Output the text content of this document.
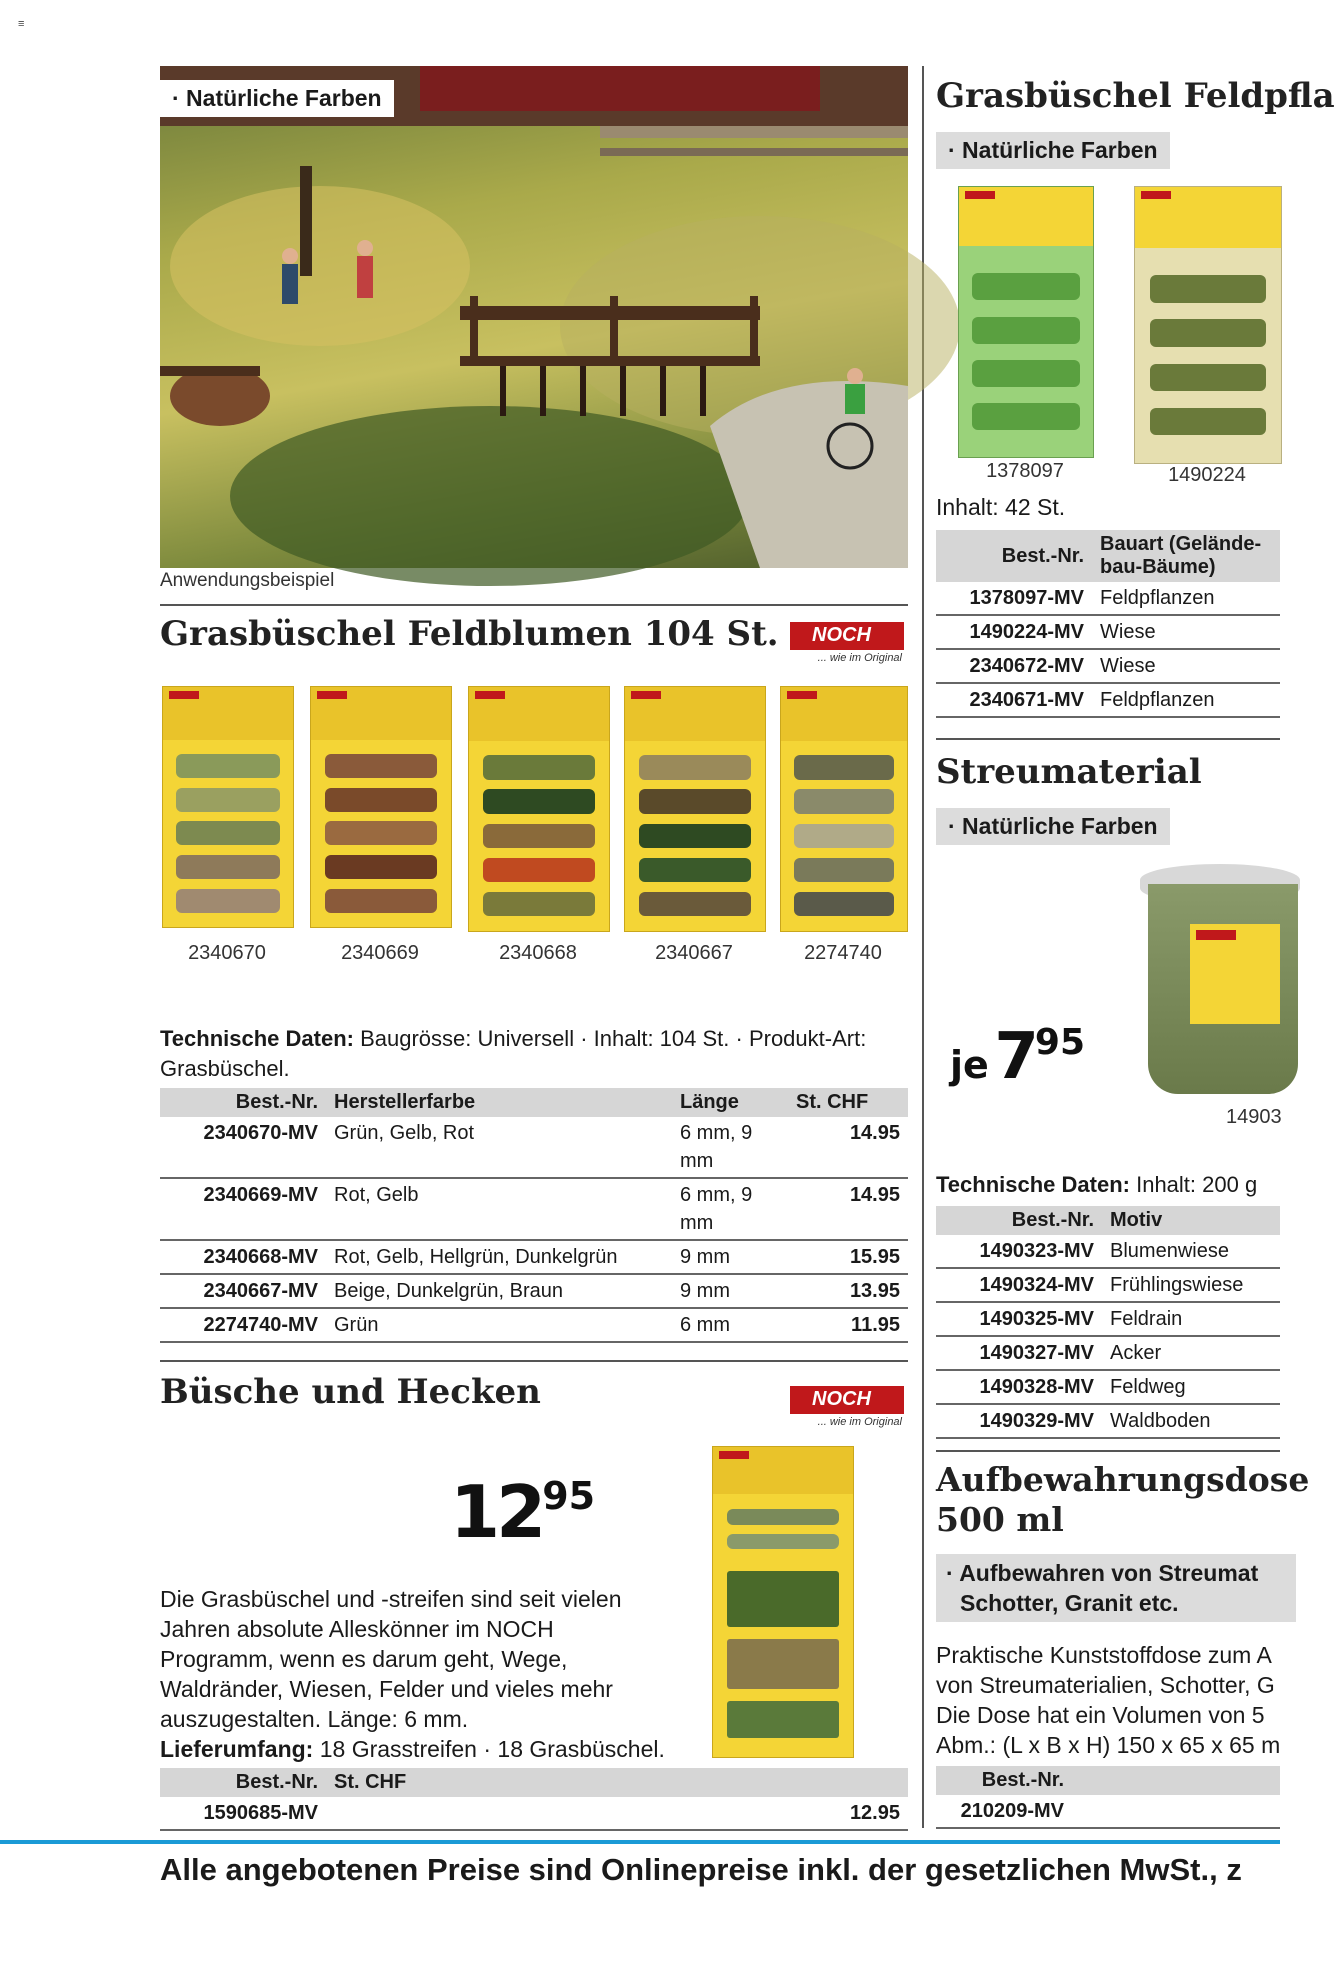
≡
· Natürliche Farben
Anwendungsbeispiel
Grasbüschel Feldblumen 104 St. NOCH
... wie im Original
2340670	2340669	2340668	2340667	2274740
Technische Daten: Baugrösse: Universell · Inhalt: 104 St. · Produkt-Art: Grasbüschel.
Best.-Nr.	Herstellerfarbe	Länge	St. CHF
2340670-MV	Grün, Gelb, Rot	6 mm, 9 mm	14.95
2340669-MV	Rot, Gelb	6 mm, 9 mm	14.95
2340668-MV	Rot, Gelb, Hellgrün, Dunkelgrün	9 mm	15.95
2340667-MV	Beige, Dunkelgrün, Braun	9 mm	13.95
2274740-MV	Grün	6 mm	11.95
Büsche und Hecken	NOCH
... wie im Original
1295
Die Grasbüschel und -streifen sind seit vielen Jahren absolute Alleskönner im NOCH Programm, wenn es darum geht, Wege, Waldränder, Wiesen, Felder und vieles mehr auszugestalten. Länge: 6 mm.
Lieferumfang: 18 Grasstreifen · 18 Grasbüschel.
Best.-Nr.	St. CHF
1590685-MV	12.95
Grasbüschel Feldpfla
· Natürliche Farben
1378097	1490224
Inhalt: 42 St.
Best.-Nr.	Bauart (Gelände-bau-Bäume)
1378097-MV	Feldpflanzen
1490224-MV	Wiese
2340672-MV	Wiese
2340671-MV	Feldpflanzen
Streumaterial
· Natürliche Farben
je 795
14903
Technische Daten: Inhalt: 200 g
Best.-Nr.	Motiv
1490323-MV	Blumenwiese
1490324-MV	Frühlingswiese
1490325-MV	Feldrain
1490327-MV	Acker
1490328-MV	Feldweg
1490329-MV	Waldboden
Aufbewahrungsdose
500 ml
· Aufbewahren von Streumat
Schotter, Granit etc.
Praktische Kunststoffdose zum A
von Streumaterialien, Schotter, G
Die Dose hat ein Volumen von 5
Abm.: (L x B x H) 150 x 65 x 65 m
Best.-Nr.	
210209-MV	
Alle angebotenen Preise sind Onlinepreise inkl. der gesetzlichen MwSt., z
